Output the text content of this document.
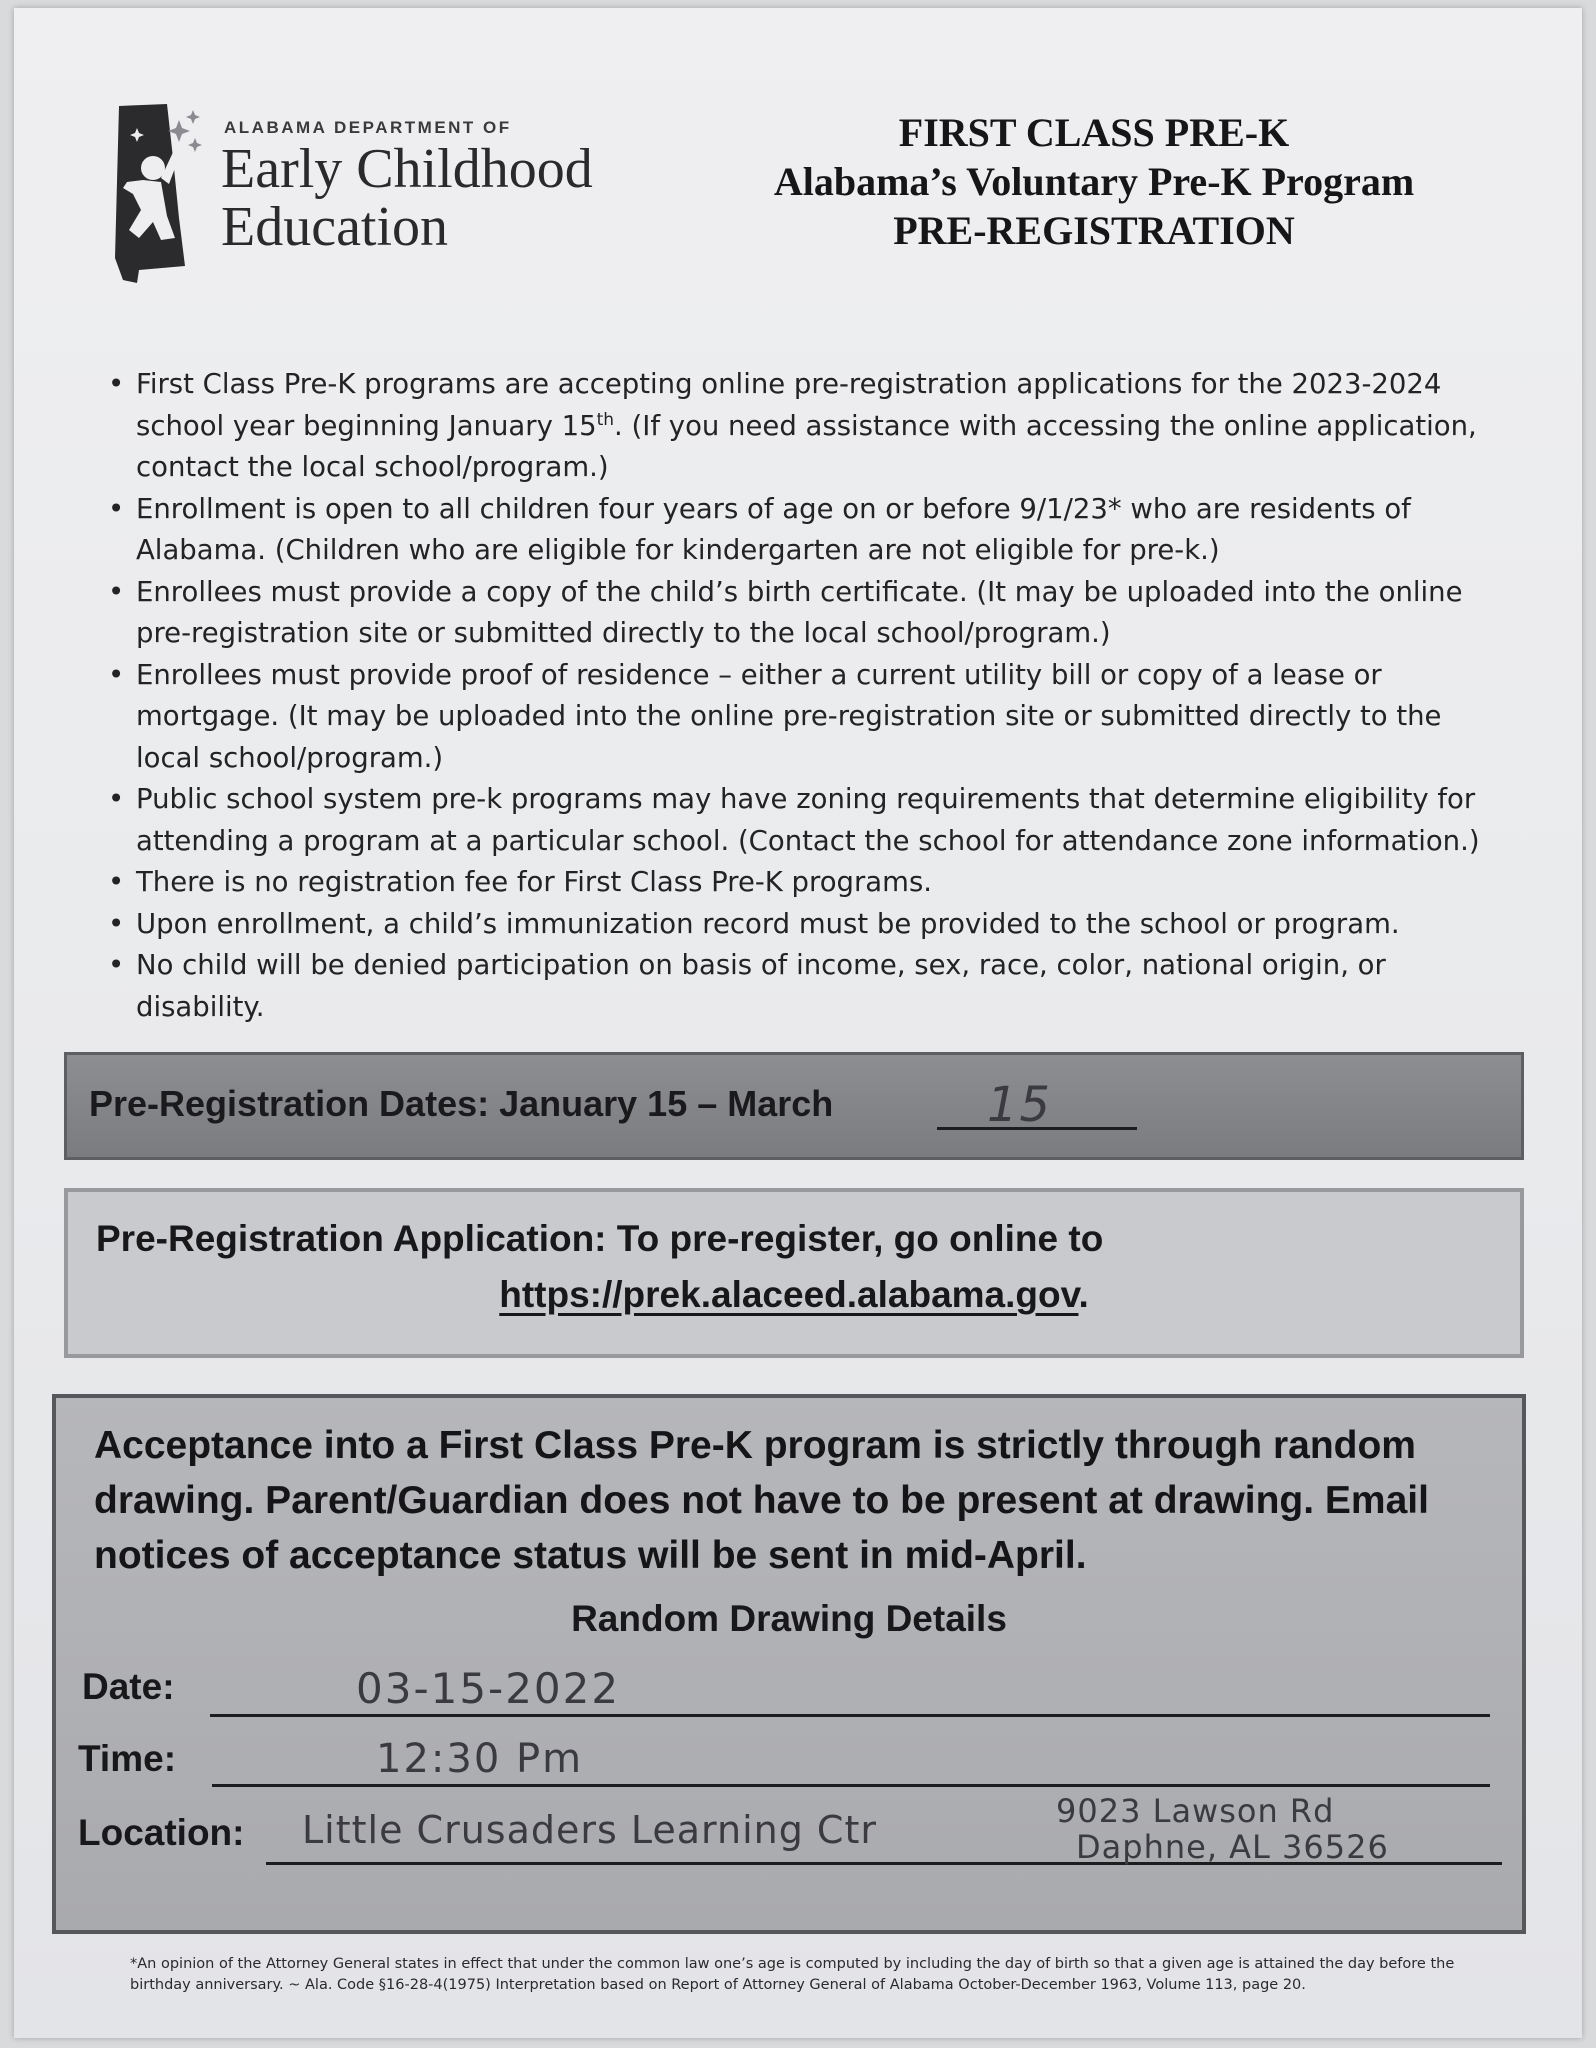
ALABAMA DEPARTMENT OF
Early Childhood
Education
FIRST CLASS PRE-K
Alabama’s Voluntary Pre-K Program
PRE-REGISTRATION
• First Class Pre-K programs are accepting online pre-registration applications for the 2023-2024 school year beginning January 15th. (If you need assistance with accessing the online application, contact the local school/program.)
• Enrollment is open to all children four years of age on or before 9/1/23* who are residents of Alabama. (Children who are eligible for kindergarten are not eligible for pre-k.)
• Enrollees must provide a copy of the child’s birth certificate. (It may be uploaded into the online pre-registration site or submitted directly to the local school/program.)
• Enrollees must provide proof of residence – either a current utility bill or copy of a lease or mortgage. (It may be uploaded into the online pre-registration site or submitted directly to the local school/program.)
• Public school system pre-k programs may have zoning requirements that determine eligibility for attending a program at a particular school. (Contact the school for attendance zone information.)
• There is no registration fee for First Class Pre-K programs.
• Upon enrollment, a child’s immunization record must be provided to the school or program.
• No child will be denied participation on basis of income, sex, race, color, national origin, or disability.
Pre-Registration Dates: January 15 – March	15
Pre-Registration Application: To pre-register, go online to
https://prek.alaceed.alabama.gov.
Acceptance into a First Class Pre-K program is strictly through random
drawing. Parent/Guardian does not have to be present at drawing. Email
notices of acceptance status will be sent in mid-April.
Random Drawing Details
Date:	03-15-2022
Time:	12:30 Pm
Location: Little Crusaders Learning Ctr	9023 Lawson Rd
Daphne, AL 36526
*An opinion of the Attorney General states in effect that under the common law one’s age is computed by including the day of birth so that a given age is attained the day before the birthday anniversary. ~ Ala. Code §16-28-4(1975) Interpretation based on Report of Attorney General of Alabama October-December 1963, Volume 113, page 20.
